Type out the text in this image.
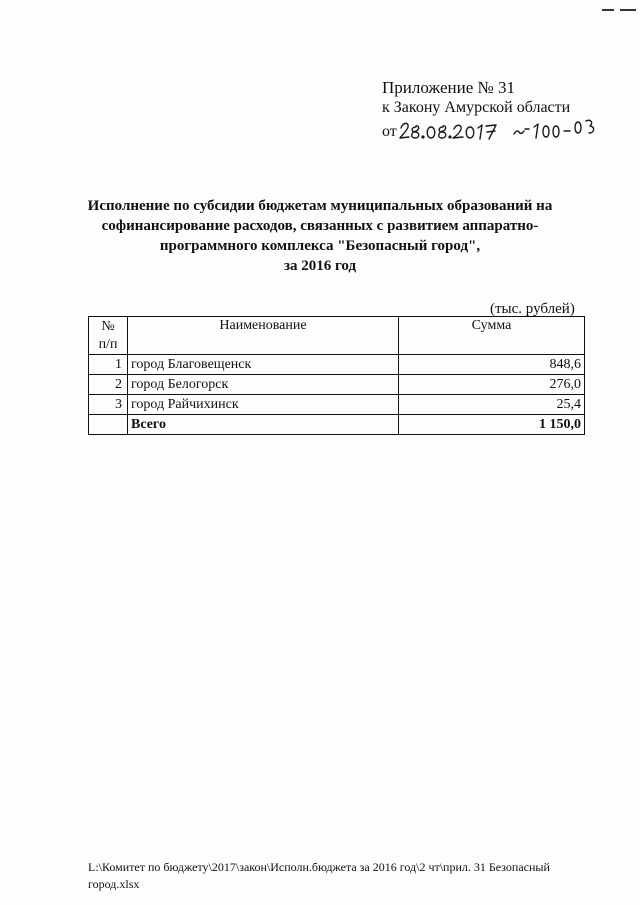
Приложение № 31
к Закону Амурской области
от
Исполнение по субсидии бюджетам муниципальных образований на
софинансирование расходов, связанных с развитием аппаратно-
программного комплекса "Безопасный город",
за 2016 год
(тыс. рублей)
№
п/п	Наименование	Сумма
1	город Благовещенск	848,6
2	город Белогорск	276,0
3	город Райчихинск	25,4
	Всего	1 150,0
L:\Комитет по бюджету\2017\закон\Исполн.бюджета за 2016 год\2 чт\прил. 31 Безопасный
город.xlsx
